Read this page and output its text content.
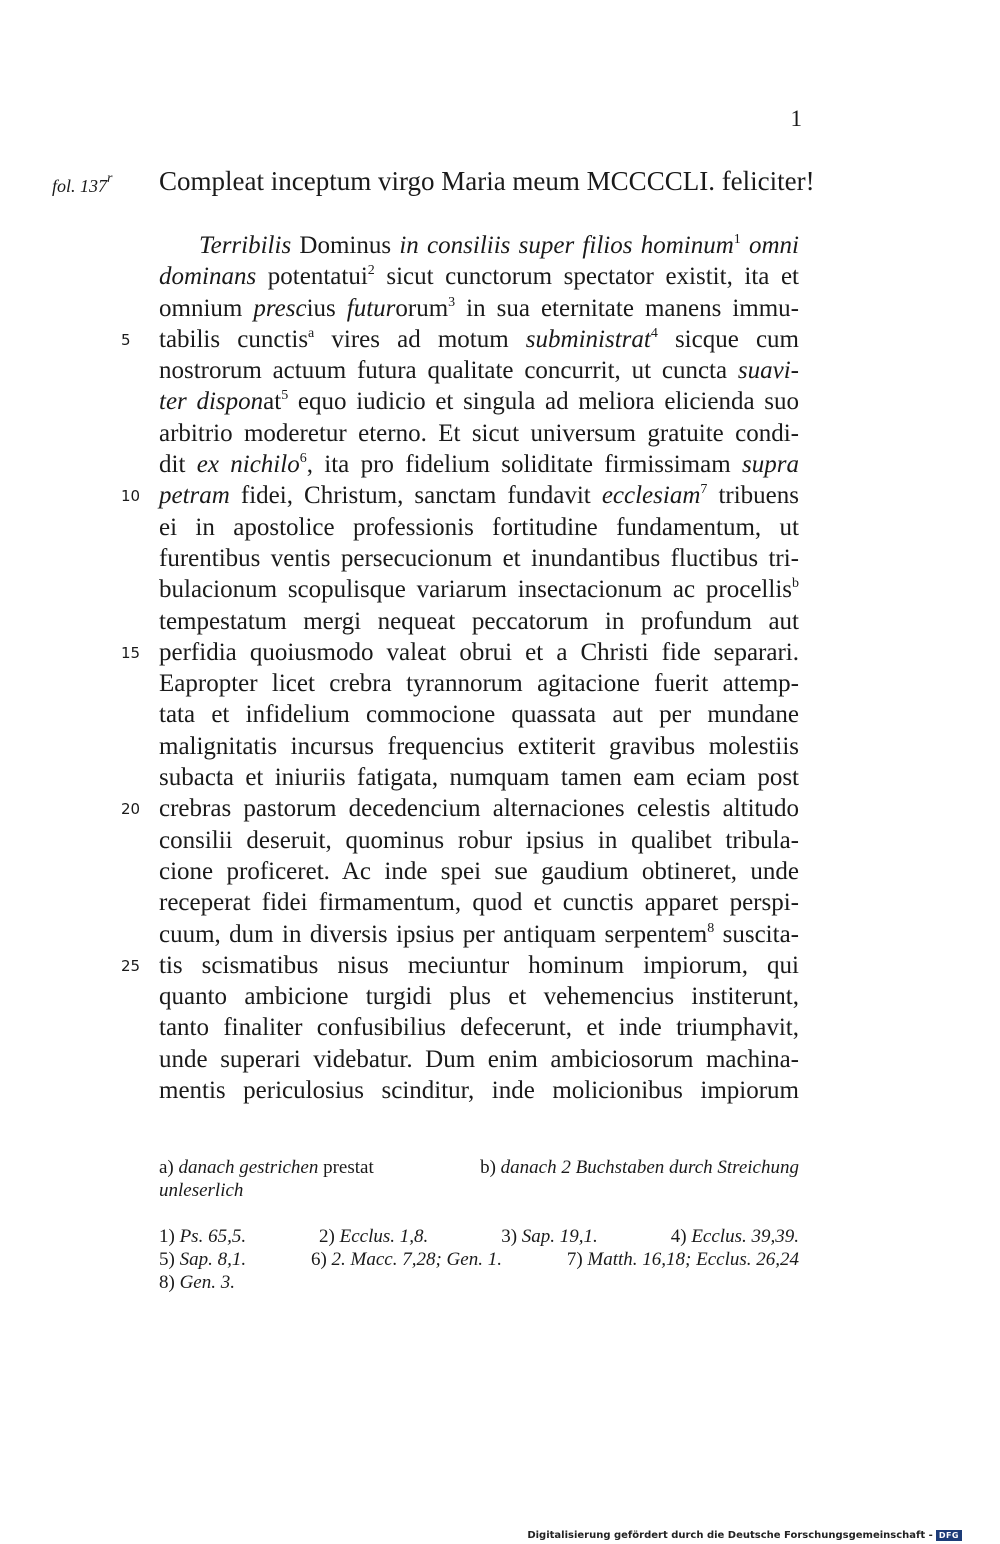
1
fol. 137$^r$ Compleat inceptum virgo Maria meum MCCCCLI. feliciter!
Terribilis Dominus in consiliis super filios hominum$^1$ omni
dominans potentatui$^2$ sicut cunctorum spectator existit, ita et
omnium prescius futurorum$^3$ in sua eternitate manens immu-
5	tabilis cunctis$^a$ vires ad motum subministrat$^4$ sicque cum
nostrorum actuum futura qualitate concurrit, ut cuncta suavi-
ter disponat$^5$ equo iudicio et singula ad meliora elicienda suo
arbitrio moderetur eterno. Et sicut universum gratuite condi-
dit ex nichilo$^6$, ita pro fidelium soliditate firmissimam supra
10 petram fidei, Christum, sanctam fundavit ecclesiam$^7$ tribuens
ei in apostolice professionis fortitudine fundamentum, ut
furentibus ventis persecucionum et inundantibus fluctibus tri-
bulacionum scopulisque variarum insectacionum ac procellis$^b$
tempestatum mergi nequeat peccatorum in profundum aut
15 perfidia quoiusmodo valeat obrui et a Christi fide separari.
Eapropter licet crebra tyrannorum agitacione fuerit attemp-
tata et infidelium commocione quassata aut per mundane
malignitatis incursus frequencius extiterit gravibus molestiis
subacta et iniuriis fatigata, numquam tamen eam eciam post
20 crebras pastorum decedencium alternaciones celestis altitudo
consilii deseruit, quominus robur ipsius in qualibet tribula-
cione proficeret. Ac inde spei sue gaudium obtineret, unde
receperat fidei firmamentum, quod et cunctis apparet perspi-
cuum, dum in diversis ipsius per antiquam serpentem$^8$ suscita-
25 tis scismatibus nisus meciuntur hominum impiorum, qui
quanto ambicione turgidi plus et vehemencius institerunt,
tanto finaliter confusibilius defecerunt, et inde triumphavit,
unde superari videbatur. Dum enim ambiciosorum machina-
mentis periculosius scinditur, inde molicionibus impiorum
a) danach gestrichen prestat	b) danach 2 Buchstaben durch Streichung
unleserlich
1) Ps. 65,5.	2) Ecclus. 1,8.	3) Sap. 19,1.	4) Ecclus. 39,39.
5) Sap. 8,1.	6) 2. Macc. 7,28; Gen. 1.	7) Matth. 16,18; Ecclus. 26,24
8) Gen. 3.
Digitalisierung gefördert durch die Deutsche Forschungsgemeinschaft - DFG
